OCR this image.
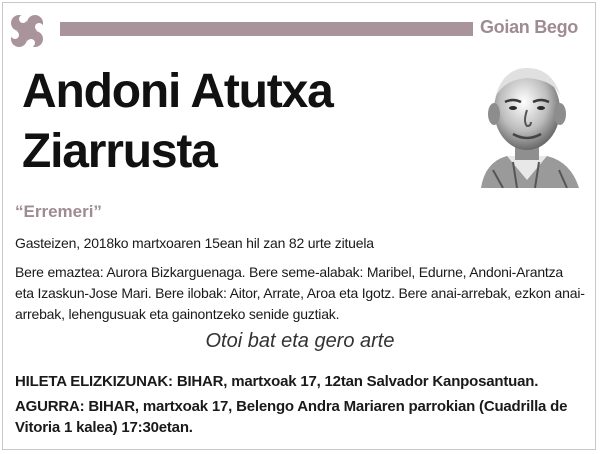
Goian Bego
Andoni Atutxa
Ziarrusta

“Erremeri”

Gasteizen, 2018ko martxoaren 15ean hil zan 82 urte zituela

Bere emaztea: Aurora Bizkarguenaga. Bere seme-alabak: Maribel, Edurne, Andoni-Arantza eta Izaskun-Jose Mari. Bere ilobak: Aitor, Arrate, Aroa eta Igotz. Bere anai-arrebak, ezkon anai-arrebak, lehengusuak eta gainontzeko senide guztiak.

Otoi bat eta gero arte

HILETA ELIZKIZUNAK: BIHAR, martxoak 17, 12tan Salvador Kanposantuan.

AGURRA: BIHAR, martxoak 17, Belengo Andra Mariaren parrokian (Cuadrilla de Vitoria 1 kalea) 17:30etan.
